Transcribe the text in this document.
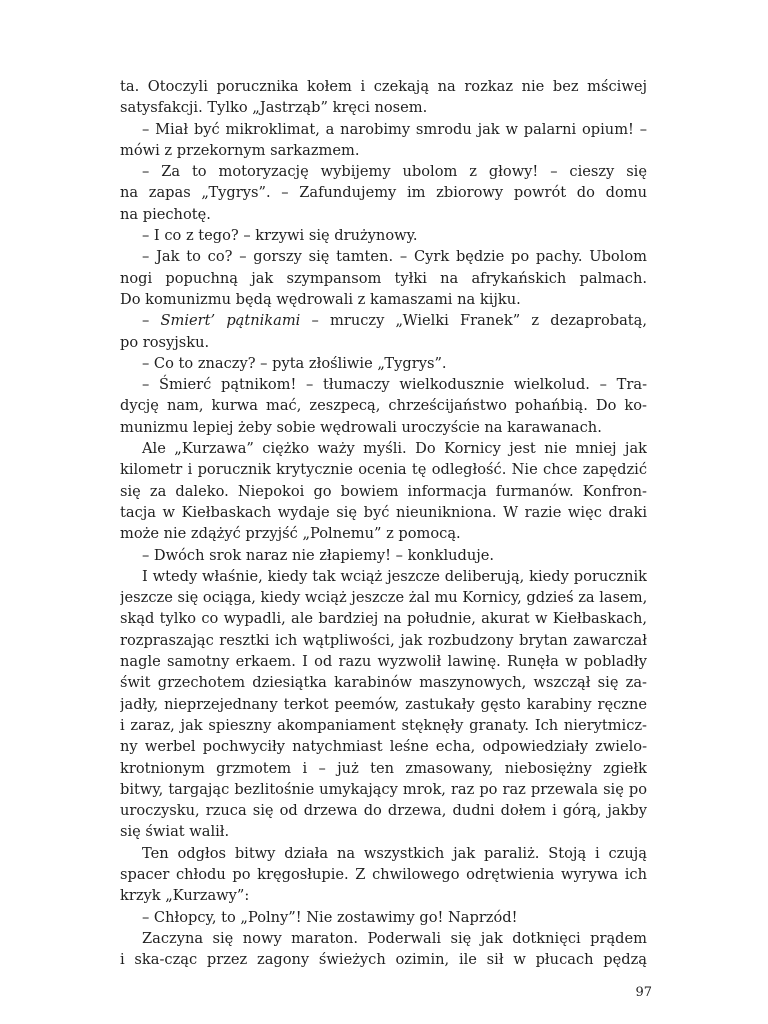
ta. Otoczyli porucznika kołem i czekają na rozkaz nie bez mściwej
satysfakcji. Tylko „Jastrząb” kręci nosem.
– Miał być mikroklimat, a narobimy smrodu jak w palarni opium! –
mówi z przekornym sarkazmem.
– Za to motoryzację wybijemy ubolom z głowy! – cieszy się
na zapas „Tygrys”. – Zafundujemy im zbiorowy powrót do domu
na piechotę.
– I co z tego? – krzywi się drużynowy.
– Jak to co? – gorszy się tamten. – Cyrk będzie po pachy. Ubolom
nogi popuchną jak szympansom tyłki na afrykańskich palmach.
Do komunizmu będą wędrowali z kamaszami na kijku.
– Smiert’ pątnikami – mruczy „Wielki Franek” z dezaprobatą,
po rosyjsku.
– Co to znaczy? – pyta złośliwie „Tygrys”.
– Śmierć pątnikom! – tłumaczy wielkodusznie wielkolud. – Tra-
dycję nam, kurwa mać, zeszpecą, chrześcijaństwo pohańbią. Do ko-
munizmu lepiej żeby sobie wędrowali uroczyście na karawanach.
Ale „Kurzawa” ciężko waży myśli. Do Kornicy jest nie mniej jak
kilometr i porucznik krytycznie ocenia tę odległość. Nie chce zapędzić
się za daleko. Niepokoi go bowiem informacja furmanów. Konfron-
tacja w Kiełbaskach wydaje się być nieunikniona. W razie więc draki
może nie zdążyć przyjść „Polnemu” z pomocą.
– Dwóch srok naraz nie złapiemy! – konkluduje.
I wtedy właśnie, kiedy tak wciąż jeszcze deliberują, kiedy porucznik
jeszcze się ociąga, kiedy wciąż jeszcze żal mu Kornicy, gdzieś za lasem,
skąd tylko co wypadli, ale bardziej na południe, akurat w Kiełbaskach,
rozpraszając resztki ich wątpliwości, jak rozbudzony brytan zawarczał
nagle samotny erkaem. I od razu wyzwolił lawinę. Runęła w pobladły
świt grzechotem dziesiątka karabinów maszynowych, wszczął się za-
jadły, nieprzejednany terkot peemów, zastukały gęsto karabiny ręczne
i zaraz, jak spieszny akompaniament stęknęły granaty. Ich nierytmicz-
ny werbel pochwyciły natychmiast leśne echa, odpowiedziały zwielo-
krotnionym grzmotem i – już ten zmasowany, niebosiężny zgiełk
bitwy, targając bezlitośnie umykający mrok, raz po raz przewala się po
uroczysku, rzuca się od drzewa do drzewa, dudni dołem i górą, jakby
się świat walił.
Ten odgłos bitwy działa na wszystkich jak paraliż. Stoją i czują
spacer chłodu po kręgosłupie. Z chwilowego odrętwienia wyrywa ich
krzyk „Kurzawy”:
– Chłopcy, to „Polny”! Nie zostawimy go! Naprzód!
Zaczyna się nowy maraton. Poderwali się jak dotknięci prądem
i ska-cząc przez zagony świeżych ozimin, ile sił w płucach pędzą
97
